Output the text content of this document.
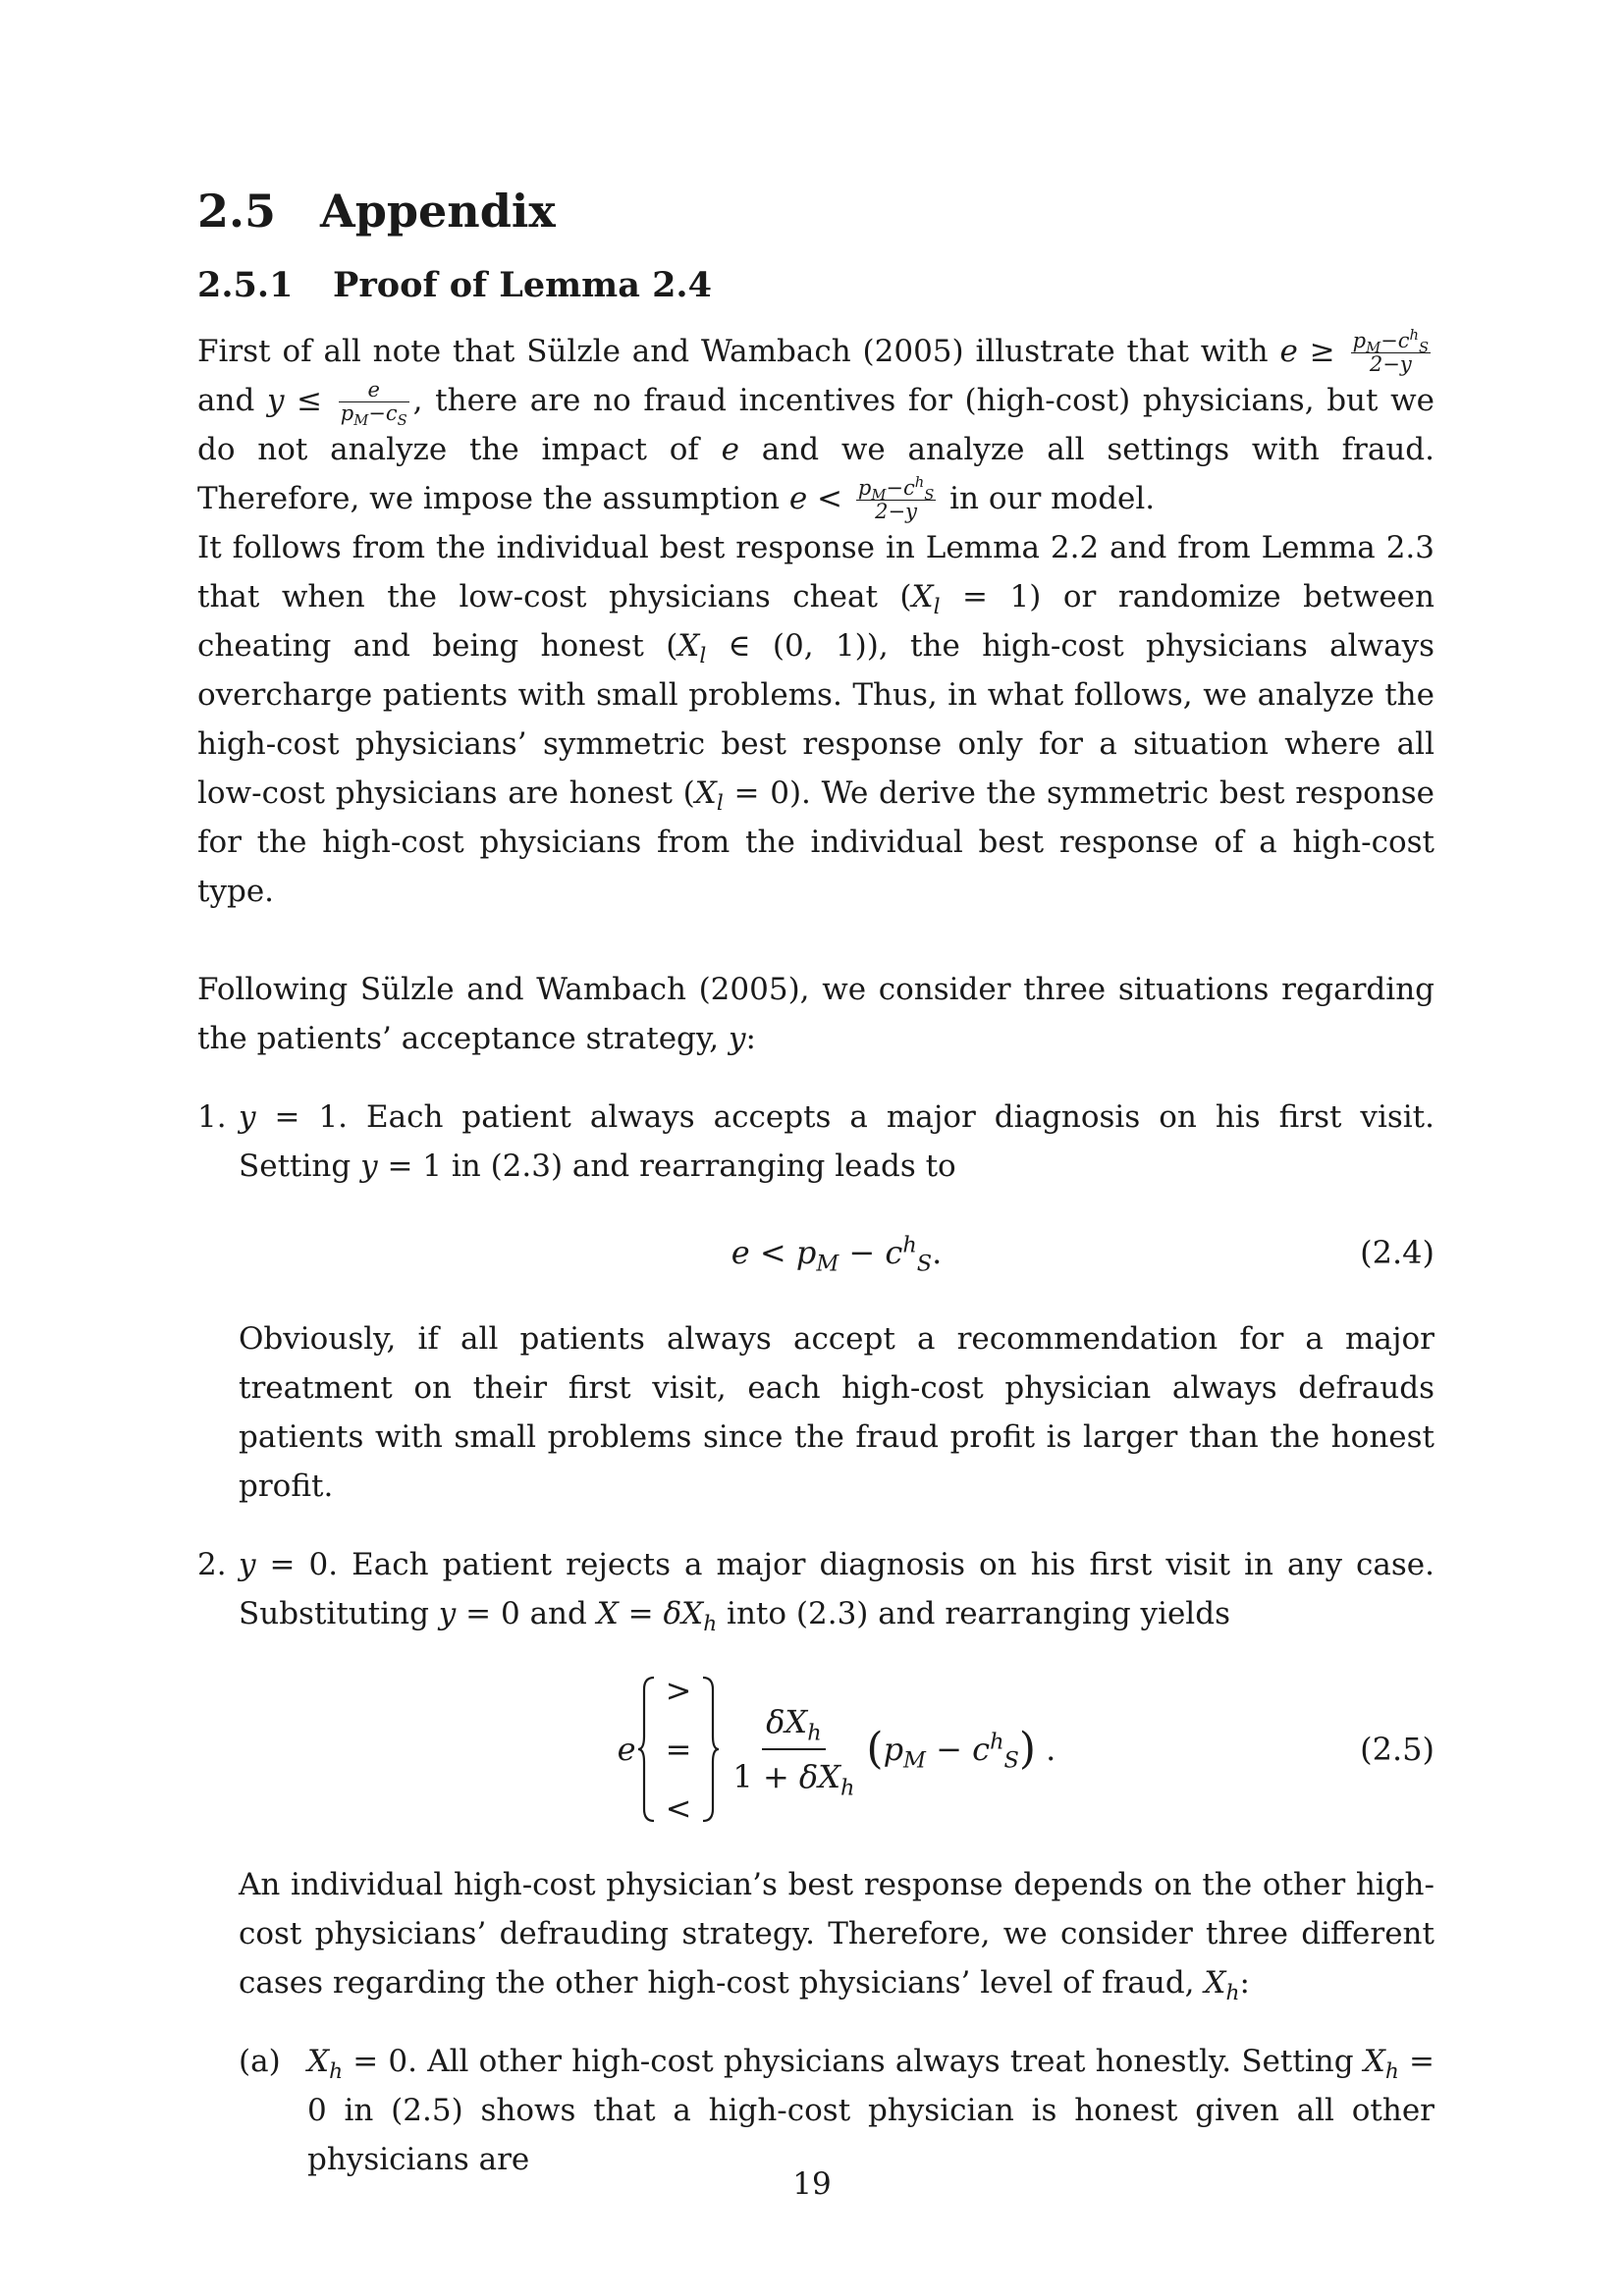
2.5 Appendix
2.5.1	Proof of Lemma 2.4

First of all note that Sülzle and Wambach (2005) illustrate that with $e \ge \frac{p_M-c^h_S}{2-y}$
and $y \le \frac{e}{p_M-c_S}$ , there are no fraud incentives for (high-cost) physicians, but we do not analyze the impact of e and we analyze all settings with fraud. Therefore, we impose the assumption $e < \frac{p_M-c^h_S}{2-y}$ in our model.

It follows from the individual best response in Lemma 2.2 and from Lemma 2.3 that when the low-cost physicians cheat $(X_l = 1)$ or randomize between cheating and being honest ($X_l$ ∈ (0, 1)), the high-cost physicians always overcharge patients with small problems. Thus, in what follows, we analyze the high-cost physicians’ symmetric best response only for a situation where all low-cost physicians are honest $(X_l = 0)$. We derive the symmetric best response for the high-cost physicians from the individual best response of a high-cost type.

Following Sülzle and Wambach (2005), we consider three situations regarding the patients’ acceptance strategy, y:

1. y = 1. Each patient always accepts a major diagnosis on his first visit. Setting y = 1 in (2.3) and rearranging leads to
$e < p_M - c^h_S$ .	(2.4)
Obviously, if all patients always accept a recommendation for a major treatment on their first visit, each high-cost physician always defrauds patients with small problems since the fraud profit is larger than the honest profit.
2. y = 0. Each patient rejects a major diagnosis on his first visit in any case. Substituting y = 0 and $X = \delta X_h$ into (2.3) and rearranging yields
e
>
=
<
$\delta X_h$
$1 + \delta X_h$
( $p_M - c^h_S$ ) .	(2.5)
An individual high-cost physician’s best response depends on the other high-cost physicians’ defrauding strategy. Therefore, we consider three different cases regarding the other high-cost physicians’ level of fraud, $X_h$:
(a) $X_h = 0$. All other high-cost physicians always treat honestly. Setting $X_h = 0$ in (2.5) shows that a high-cost physician is honest given all other physicians are
19
